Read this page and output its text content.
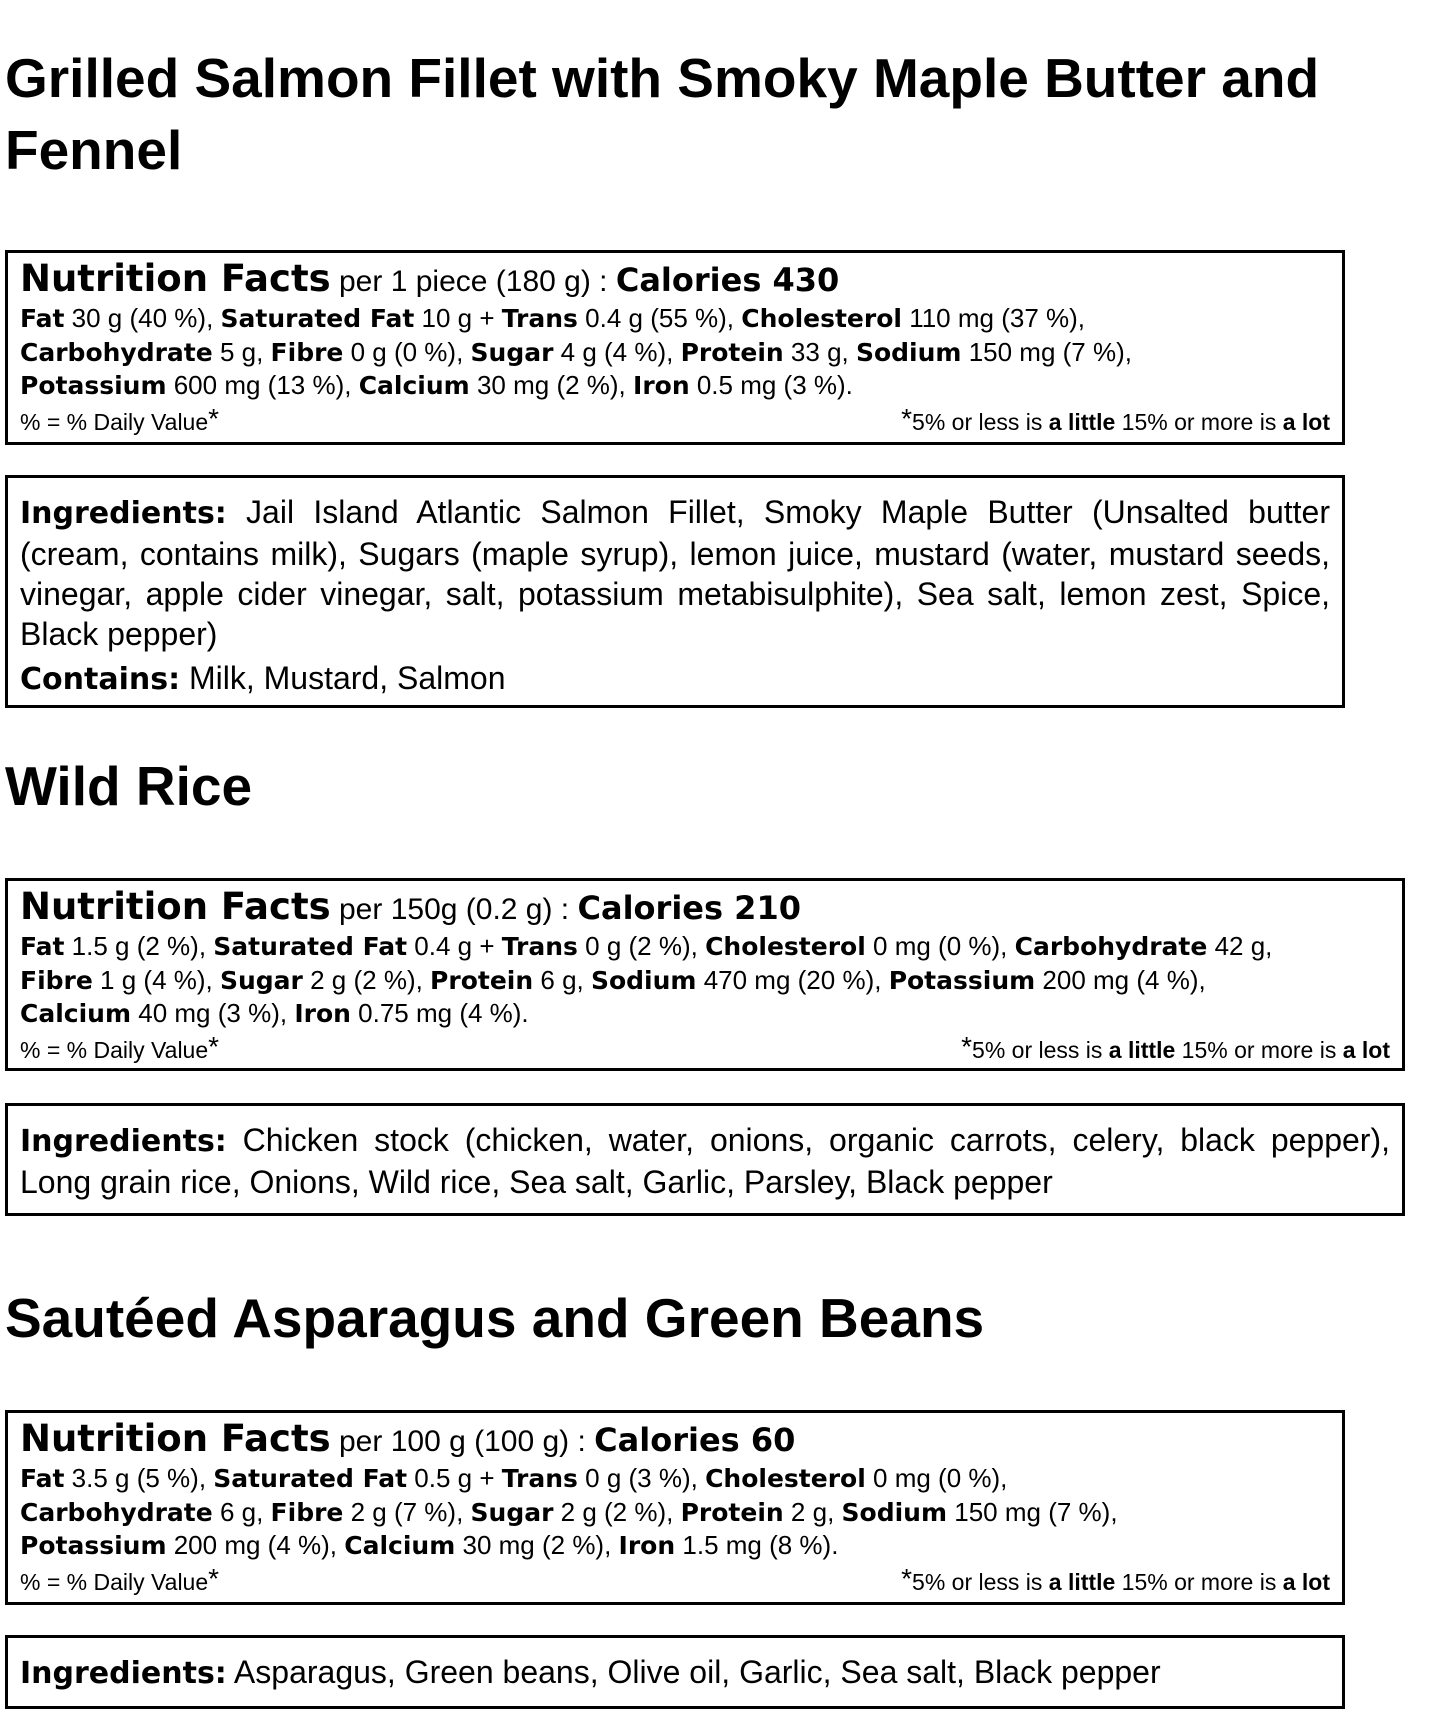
Grilled Salmon Fillet with Smoky Maple Butter and Fennel
Nutrition Facts per 1 piece (180 g) : Calories 430
Fat 30 g (40 %), Saturated Fat 10 g + Trans 0.4 g (55 %), Cholesterol 110 mg (37 %),
Carbohydrate 5 g, Fibre 0 g (0 %), Sugar 4 g (4 %), Protein 33 g, Sodium 150 mg (7 %),
Potassium 600 mg (13 %), Calcium 30 mg (2 %), Iron 0.5 mg (3 %).
% = % Daily Value*	*5% or less is a little 15% or more is a lot
Ingredients: Jail Island Atlantic Salmon Fillet, Smoky Maple Butter (Unsalted butter (cream, contains milk), Sugars (maple syrup), lemon juice, mustard (water, mustard seeds, vinegar, apple cider vinegar, salt, potassium metabisulphite), Sea salt, lemon zest, Spice, Black pepper)
Contains: Milk, Mustard, Salmon
Wild Rice
Nutrition Facts per 150g (0.2 g) : Calories 210
Fat 1.5 g (2 %), Saturated Fat 0.4 g + Trans 0 g (2 %), Cholesterol 0 mg (0 %), Carbohydrate 42 g,
Fibre 1 g (4 %), Sugar 2 g (2 %), Protein 6 g, Sodium 470 mg (20 %), Potassium 200 mg (4 %),
Calcium 40 mg (3 %), Iron 0.75 mg (4 %).
% = % Daily Value*	*5% or less is a little 15% or more is a lot
Ingredients: Chicken stock (chicken, water, onions, organic carrots, celery, black pepper), Long grain rice, Onions, Wild rice, Sea salt, Garlic, Parsley, Black pepper
Sautéed Asparagus and Green Beans
Nutrition Facts per 100 g (100 g) : Calories 60
Fat 3.5 g (5 %), Saturated Fat 0.5 g + Trans 0 g (3 %), Cholesterol 0 mg (0 %),
Carbohydrate 6 g, Fibre 2 g (7 %), Sugar 2 g (2 %), Protein 2 g, Sodium 150 mg (7 %),
Potassium 200 mg (4 %), Calcium 30 mg (2 %), Iron 1.5 mg (8 %).
% = % Daily Value*	*5% or less is a little 15% or more is a lot
Ingredients: Asparagus, Green beans, Olive oil, Garlic, Sea salt, Black pepper
